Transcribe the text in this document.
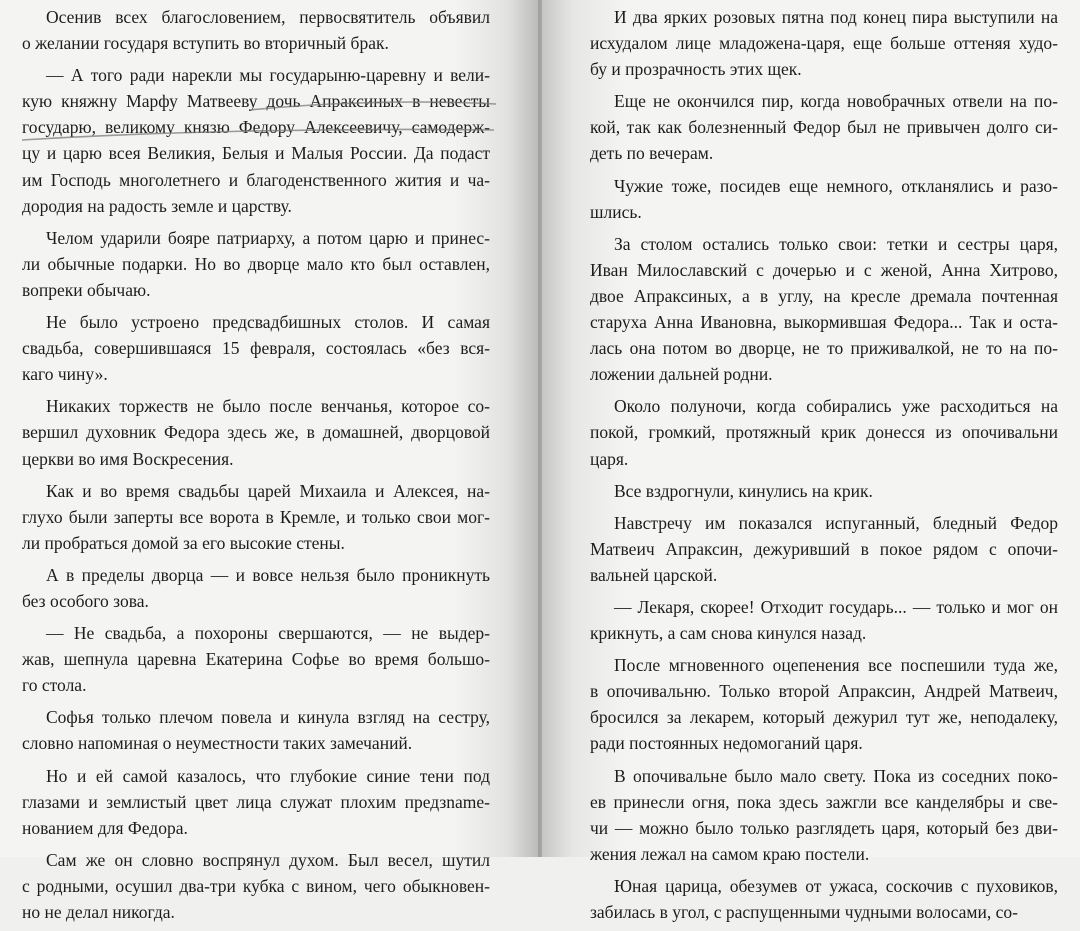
Осенив всех благословением, первосвятитель объявил
о желании государя вступить во вторичный брак.
— А того ради нарекли мы государыню-царевну и вели-
кую княжну Марфу Матвееву дочь Апраксиных в невесты
государю, великому князю Федору Алексеевичу, самодерж-
цу и царю всея Великия, Белыя и Малыя России. Да подаст
им Господь многолетнего и благоденственного жития и ча-
дородия на радость земле и царству.
Челом ударили бояре патриарху, а потом царю и принес-
ли обычные подарки. Но во дворце мало кто был оставлен,
вопреки обычаю.
Не было устроено предсвадбишных столов. И самая
свадьба, совершившаяся 15 февраля, состоялась «без вся-
каго чину».
Никаких торжеств не было после венчанья, которое со-
вершил духовник Федора здесь же, в домашней, дворцовой
церкви во имя Воскресения.
Как и во время свадьбы царей Михаила и Алексея, на-
глухо были заперты все ворота в Кремле, и только свои мог-
ли пробраться домой за его высокие стены.
А в пределы дворца — и вовсе нельзя было проникнуть
без особого зова.
— Не свадьба, а похороны свершаются, — не выдер-
жав, шепнула царевна Екатерина Софье во время большо-
го стола.
Софья только плечом повела и кинула взгляд на сестру,
словно напоминая о неуместности таких замечаний.
Но и ей самой казалось, что глубокие синие тени под
глазами и землистый цвет лица служат плохим предзname-
нованием для Федора.
Сам же он словно воспрянул духом. Был весел, шутил
с родными, осушил два-три кубка с вином, чего обыкновен-
но не делал никогда.
И два ярких розовых пятна под конец пира выступили на
исхудалом лице младожена-царя, еще больше оттеняя худо-
бу и прозрачность этих щек.
Еще не окончился пир, когда новобрачных отвели на по-
кой, так как болезненный Федор был не привычен долго си-
деть по вечерам.
Чужие тоже, посидев еще немного, откланялись и разо-
шлись.
За столом остались только свои: тетки и сестры царя,
Иван Милославский с дочерью и с женой, Анна Хитрово,
двое Апраксиных, а в углу, на кресле дремала почтенная
старуха Анна Ивановна, выкормившая Федора... Так и оста-
лась она потом во дворце, не то приживалкой, не то на по-
ложении дальней родни.
Около полуночи, когда собирались уже расходиться на
покой, громкий, протяжный крик донесся из опочивальни
царя.
Все вздрогнули, кинулись на крик.
Навстречу им показался испуганный, бледный Федор
Матвеич Апраксин, дежуривший в покое рядом с опочи-
вальней царской.
— Лекаря, скорее! Отходит государь... — только и мог он
крикнуть, а сам снова кинулся назад.
После мгновенного оцепенения все поспешили туда же,
в опочивальню. Только второй Апраксин, Андрей Матвеич,
бросился за лекарем, который дежурил тут же, неподалеку,
ради постоянных недомоганий царя.
В опочивальне было мало свету. Пока из соседних поко-
ев принесли огня, пока здесь зажгли все канделябры и све-
чи — можно было только разглядеть царя, который без дви-
жения лежал на самом краю постели.
Юная царица, обезумев от ужаса, соскочив с пуховиков,
забилась в угол, с распущенными чудными волосами, со-
